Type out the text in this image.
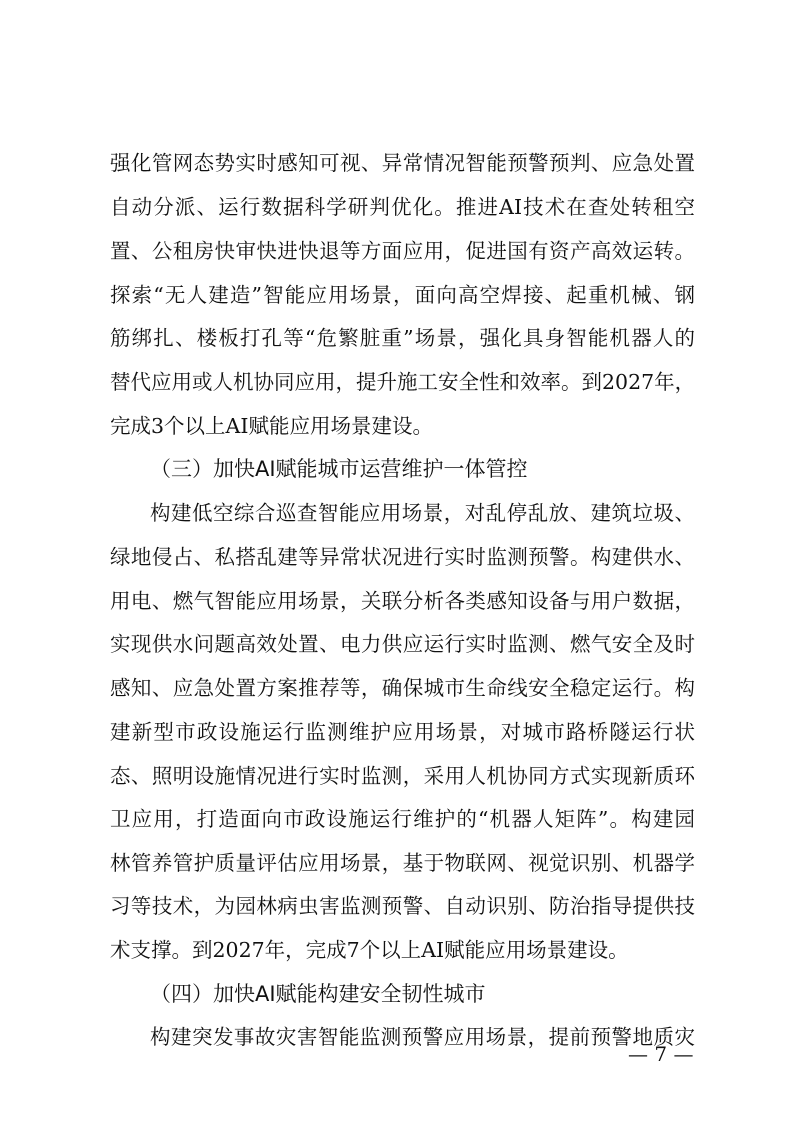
强化管网态势实时感知可视、异常情况智能预警预判、应急处置
自动分派、运行数据科学研判优化。推进AI技术在查处转租空
置、公租房快审快进快退等方面应用，促进国有资产高效运转。
探索“无人建造”智能应用场景，面向高空焊接、起重机械、钢
筋绑扎、楼板打孔等“危繁脏重”场景，强化具身智能机器人的
替代应用或人机协同应用，提升施工安全性和效率。到2027年，
完成3个以上AI赋能应用场景建设。
（三）加快AI赋能城市运营维护一体管控
构建低空综合巡查智能应用场景，对乱停乱放、建筑垃圾、
绿地侵占、私搭乱建等异常状况进行实时监测预警。构建供水、
用电、燃气智能应用场景，关联分析各类感知设备与用户数据，
实现供水问题高效处置、电力供应运行实时监测、燃气安全及时
感知、应急处置方案推荐等，确保城市生命线安全稳定运行。构
建新型市政设施运行监测维护应用场景，对城市路桥隧运行状
态、照明设施情况进行实时监测，采用人机协同方式实现新质环
卫应用，打造面向市政设施运行维护的“机器人矩阵”。构建园
林管养管护质量评估应用场景，基于物联网、视觉识别、机器学
习等技术，为园林病虫害监测预警、自动识别、防治指导提供技
术支撑。到2027年，完成7个以上AI赋能应用场景建设。
（四）加快AI赋能构建安全韧性城市
构建突发事故灾害智能监测预警应用场景，提前预警地质灾
— 7 —
